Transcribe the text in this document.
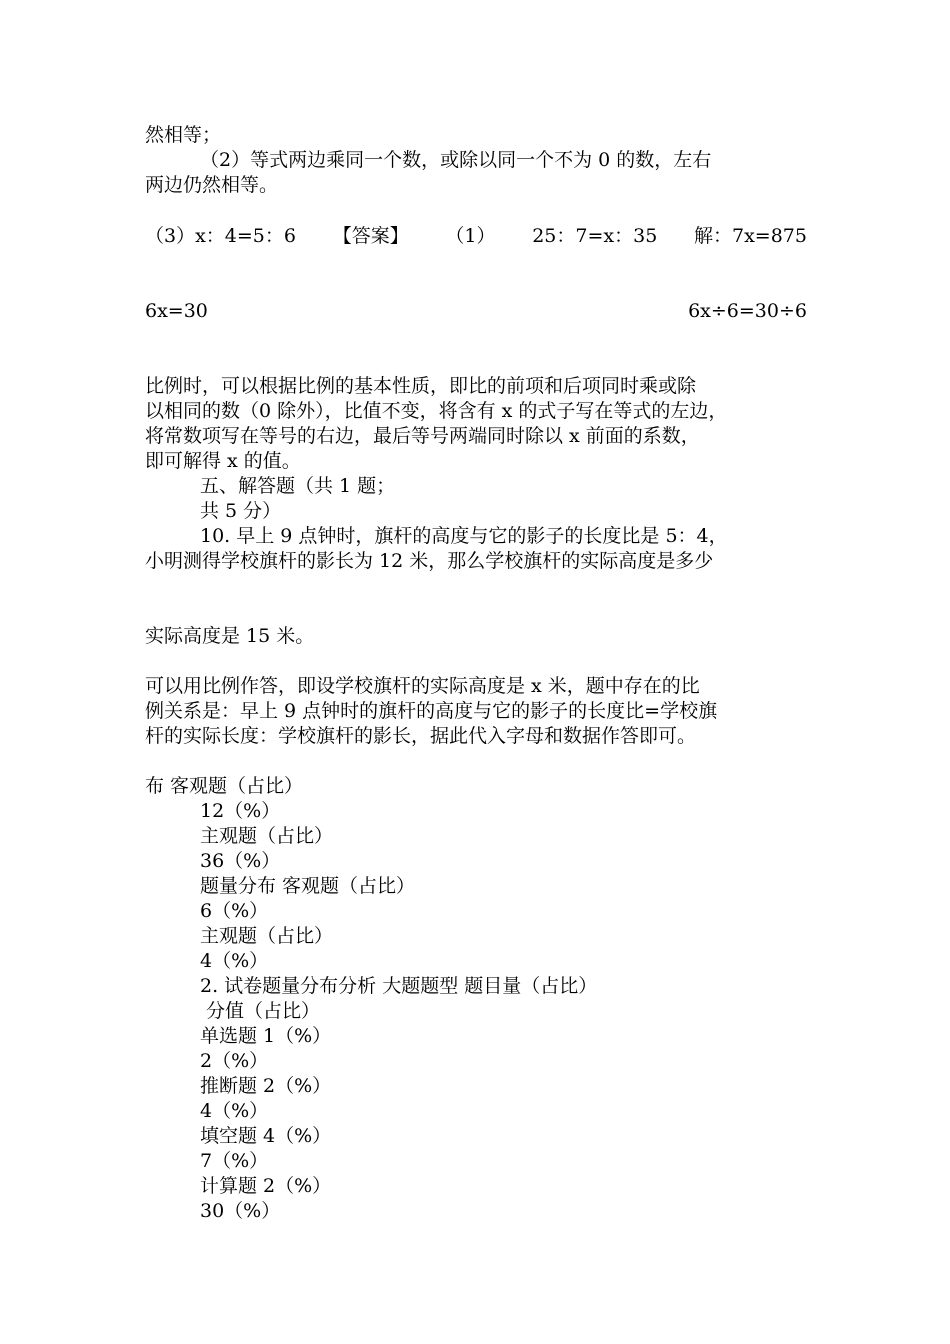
然相等；
（2）等式两边乘同一个数，或除以同一个不为 0 的数，左右
两边仍然相等。
（3）x：4=5：6 【答案】 （1） 25：7=x：35 解：7x=875
6x=30	6x÷6=30÷6
比例时，可以根据比例的基本性质，即比的前项和后项同时乘或除
以相同的数（0 除外），比值不变，将含有 x 的式子写在等式的左边，
将常数项写在等号的右边，最后等号两端同时除以 x 前面的系数，
即可解得 x 的值。
五、解答题（共 1 题；
共 5 分）
10. 早上 9 点钟时，旗杆的高度与它的影子的长度比是 5：4，
小明测得学校旗杆的影长为 12 米，那么学校旗杆的实际高度是多少
实际高度是 15 米。
可以用比例作答，即设学校旗杆的实际高度是 x 米，题中存在的比
例关系是：早上 9 点钟时的旗杆的高度与它的影子的长度比=学校旗
杆的实际长度：学校旗杆的影长，据此代入字母和数据作答即可。
布 客观题（占比）
12（%）
主观题（占比）
36（%）
题量分布 客观题（占比）
6（%）
主观题（占比）
4（%）
2. 试卷题量分布分析 大题题型 题目量（占比）
分值（占比）
单选题 1（%）
2（%）
推断题 2（%）
4（%）
填空题 4（%）
7（%）
计算题 2（%）
30（%）
